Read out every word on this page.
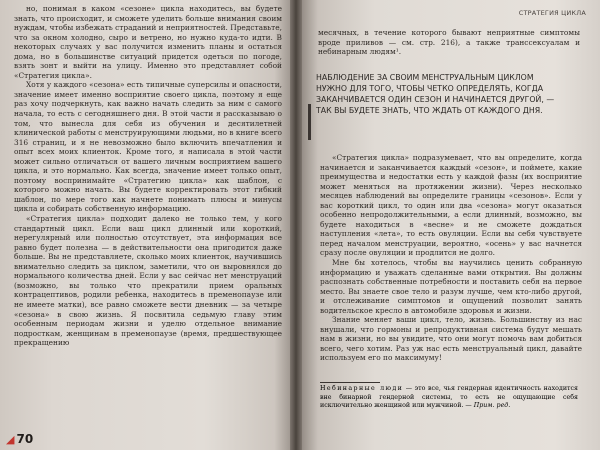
но, понимая в каком «сезоне» цикла находитесь, вы будете знать, что происходит, и сможете уделить больше внимания своим нуждам, чтобы избежать страданий и неприятностей. Представьте, что за окном холодно, сыро и ветрено, но нужно куда-то идти. В некоторых случаях у вас получится изменить планы и остаться дома, но в большинстве ситуаций придется одеться по погоде, взять зонт и выйти на улицу. Именно это представляет собой «Стратегия цикла».

Хотя у каждого «сезона» есть типичные суперсилы и опасности, значение имеет именно восприятие своего цикла, поэтому я еще раз хочу подчеркнуть, как важно начать следить за ним с самого начала, то есть с сегодняшнего дня. В этой части я рассказываю о том, что вынесла для себя из обучения и десятилетней клинической работы с менструирующими людьми, но в книге всего 316 страниц, и я не невозможно было включить впечатления и опыт всех моих клиенток. Кроме того, я написала в этой части может сильно отличаться от вашего личным восприятием вашего цикла, и это нормально. Как всегда, значение имеет только опыт, поэтому воспринимайте «Стратегию цикла» как шаблон, с которого можно начать. Вы будете корректировать этот гибкий шаблон, по мере того как начнете понимать плюсы и минусы цикла и собирать собственную информацию.

«Стратегия цикла» подходит далеко не только тем, у кого стандартный цикл. Если ваш цикл длинный или короткий, нерегулярный или полностью отсутствует, эта информация все равно будет полезна — в действительности она пригодится даже больше. Вы не представляете, сколько моих клиенток, научившись внимательно следить за циклом, заметили, что он выровнялся до нормального количества дней. Если у вас сейчас нет менструаций (возможно, вы только что прекратили прием оральных контрацептивов, родили ребенка, находитесь в пременопаузе или не имеете матки), все равно сможете вести дневник — за четыре «сезона» в свою жизнь. Я посвятила седьмую главу этим особенным периодам жизни и уделю отдельное внимание подросткам, женщинам в пременопаузе (время, предшествующее прекращению

◢ 70
СТРАТЕГИЯ ЦИКЛА

месячных, в течение которого бывают неприятные симптомы вроде приливов — см. стр. 216), а также транссексуалам и небинарным людям¹.

«Стратегия цикла» подразумевает, что вы определите, когда начинается и заканчивается каждый «сезон», и поймете, какие преимущества и недостатки есть у каждой фазы (их восприятие может меняться на протяжении жизни). Через несколько месяцев наблюдений вы определите границы «сезонов». Если у вас короткий цикл, то один или два «сезона» могут оказаться особенно непродолжительными, а если длинный, возможно, вы будете находиться в «весне» и не сможете дождаться наступления «лета», то есть овуляции. Если вы себя чувствуете перед началом менструации, вероятно, «осень» у вас начнется сразу после овуляции и продлится не долго.

Мне бы хотелось, чтобы вы научились ценить собранную информацию и уважать сделанные вами открытия. Вы должны распознать собственные потребности и поставить себя на первое место. Вы знаете свое тело и разум лучше, чем кто-либо другой, и отслеживание симптомов и ощущений позволит занять водительское кресло в автомобиле здоровья и жизни.

Знание меняет ваши цикл, тело, жизнь. Большинству из нас внушали, что гормоны и репродуктивная система будут мешать нам в жизни, но вы увидите, что они могут помочь вам добиться всего, чего хотим. Раз уж нас есть менструальный цикл, давайте используем его по максимуму!

НАБЛЮДЕНИЕ ЗА СВОИМ МЕНСТРУАЛЬНЫМ ЦИКЛОМ НУЖНО ДЛЯ ТОГО, ЧТОБЫ ЧЕТКО ОПРЕДЕЛЯТЬ, КОГДА ЗАКАНЧИВАЕТСЯ ОДИН СЕЗОН И НАЧИНАЕТСЯ ДРУГОЙ, — ТАК ВЫ БУДЕТЕ ЗНАТЬ, ЧТО ЖДАТЬ ОТ КАЖДОГО ДНЯ.
Небинарные люди — это все, чья гендерная идентичность находится вне бинарной гендерной системы, то есть не ощущающие себя исключительно женщиной или мужчиной. — Прим. ред.
